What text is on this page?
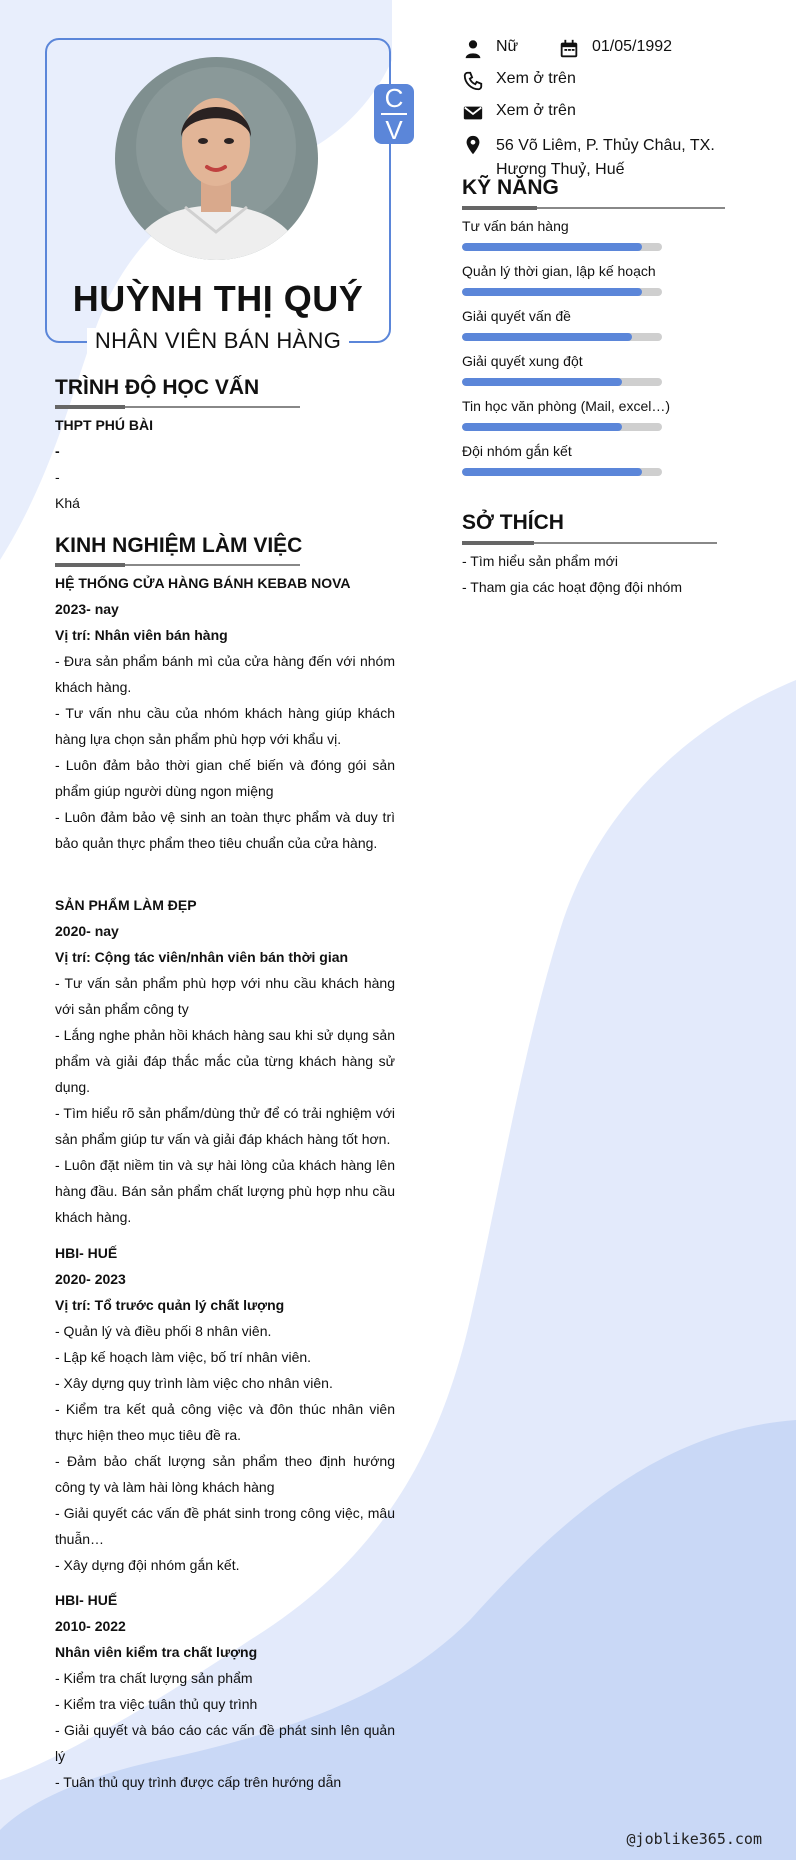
C
V
HUỲNH THỊ QUÝ
NHÂN VIÊN BÁN HÀNG
Nữ	01/05/1992
Xem ở trên
Xem ở trên
56 Võ Liêm, P. Thủy Châu, TX.
Hương Thuỷ, Huế
KỸ NĂNG
Tư vấn bán hàng
Quản lý thời gian, lập kế hoạch
Giải quyết vấn đề
Giải quyết xung đột
Tin học văn phòng (Mail, excel…)
Đội nhóm gắn kết
SỞ THÍCH
- Tìm hiểu sản phẩm mới
- Tham gia các hoạt động đội nhóm
TRÌNH ĐỘ HỌC VẤN
THPT PHÚ BÀI
-
-
Khá
KINH NGHIỆM LÀM VIỆC
HỆ THỐNG CỬA HÀNG BÁNH KEBAB NOVA
2023- nay
Vị trí: Nhân viên bán hàng
- Đưa sản phẩm bánh mì của cửa hàng đến với nhóm khách hàng.
- Tư vấn nhu cầu của nhóm khách hàng giúp khách hàng lựa chọn sản phẩm phù hợp với khẩu vị.
- Luôn đảm bảo thời gian chế biến và đóng gói sản phẩm giúp người dùng ngon miệng
- Luôn đảm bảo vệ sinh an toàn thực phẩm và duy trì bảo quản thực phẩm theo tiêu chuẩn của cửa hàng.
SẢN PHẨM LÀM ĐẸP
2020- nay
Vị trí: Cộng tác viên/nhân viên bán thời gian
- Tư vấn sản phẩm phù hợp với nhu cầu khách hàng với sản phẩm công ty
- Lắng nghe phản hồi khách hàng sau khi sử dụng sản phẩm và giải đáp thắc mắc của từng khách hàng sử dụng.
- Tìm hiểu rõ sản phẩm/dùng thử để có trải nghiệm với sản phẩm giúp tư vấn và giải đáp khách hàng tốt hơn.
- Luôn đặt niềm tin và sự hài lòng của khách hàng lên hàng đầu. Bán sản phẩm chất lượng phù hợp nhu cầu khách hàng.
HBI- HUẾ
2020- 2023
Vị trí: Tổ trước quản lý chất lượng
- Quản lý và điều phối 8 nhân viên.
- Lập kế hoạch làm việc, bố trí nhân viên.
- Xây dựng quy trình làm việc cho nhân viên.
- Kiểm tra kết quả công việc và đôn thúc nhân viên thực hiện theo mục tiêu đề ra.
- Đảm bảo chất lượng sản phẩm theo định hướng công ty và làm hài lòng khách hàng
- Giải quyết các vấn đề phát sinh trong công việc, mâu thuẫn…
- Xây dựng đội nhóm gắn kết.
HBI- HUẾ
2010- 2022
Nhân viên kiểm tra chất lượng
- Kiểm tra chất lượng sản phẩm
- Kiểm tra việc tuân thủ quy trình
- Giải quyết và báo cáo các vấn đề phát sinh lên quản lý
- Tuân thủ quy trình được cấp trên hướng dẫn
@joblike365.com
